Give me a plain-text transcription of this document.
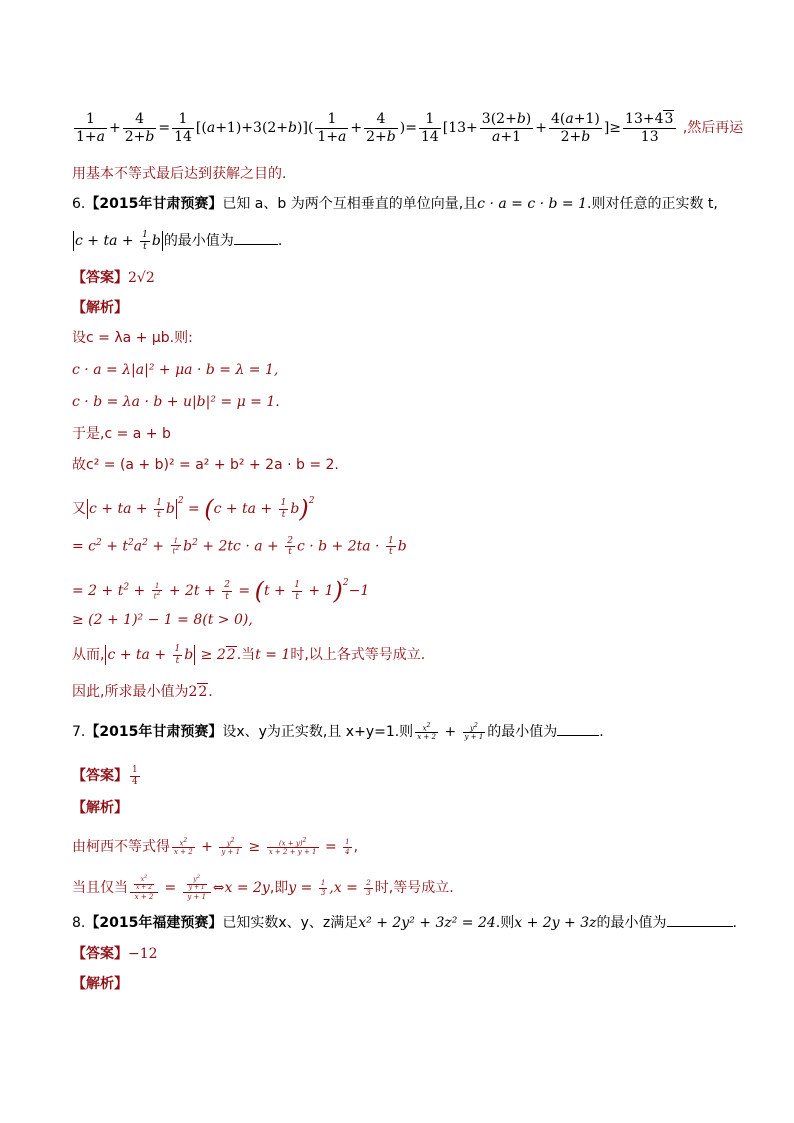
$\frac{1}{1+a} + \frac{4}{2+b} = \frac{1}{14} [(a+1)+3(2+b)]( \frac{1}{1+a} + \frac{4}{2+b}$ )= $\frac{1}{14} [13+ \frac{3(2+b)}{a+1} + \frac{4(a+1)}{2+b}$ ]≥ $\frac{13+43}{13}$ ,然后再运
用基本不等式最后达到获解之目的.
6.【2015年甘肃预赛】已知 a、b 为两个互相垂直的单位向量,且c · a = c · b = 1.则对任意的正实数 t,
c + ta + $\frac{1}{t}$ b 的最小值为	.
【答案】2√2
【解析】
设c = λa + μb.则:
c · a = λ|a|² + μa · b = λ = 1,
c · b = λa · b + u|b|² = μ = 1.
于是,c = a + b
故c² = (a + b)² = a² + b² + 2a · b = 2.
又 c + ta + $\frac{1}{t}$ b $^2$ = (c + ta + $\frac{1}{t} b)^2$
= $c^2 + t^2a^2 + \frac{1}{t^2} b^2 + 2tc \cdot a + \frac{2}{t}$ $c \cdot b + 2ta \cdot \frac{1}{t}$ b
= $2 + t^2 + \frac{1}{t^2} + 2t + \frac{2}{t} = (t + \frac{1}{t} + 1)^2-1$
≥ (2 + 1)² − 1 = 8(t > 0),
从而, c + ta + $\frac{1}{t}$ b ≥ 22.当t = 1时,以上各式等号成立.
因此,所求最小值为22.
7.【2015年甘肃预赛】设x、y为正实数,且 x+y=1.则 $\frac{x^2}{x + 2} + \frac{y^2}{y + 1}$ 的最小值为	.
【答案】 $\frac{1}{4}$
【解析】
由柯西不等式得 $\frac{x^2}{x + 2} + \frac{y^2}{y + 1} \ge \frac{(x + y)^2}{x + 2 + y + 1} = \frac{1}{4}$ ,
当且仅当 $\frac{\frac{x^2}{x + 2}}{x + 2} = \frac{\frac{y^2}{y + 1}}{y + 1}$ ⇔x = 2y,即$y = \frac{1}{3} ,x = \frac{2}{3}$ 时,等号成立.
8.【2015年福建预赛】已知实数x、y、z满足x² + 2y² + 3z² = 24.则x + 2y + 3z的最小值为	.
【答案】−12
【解析】
